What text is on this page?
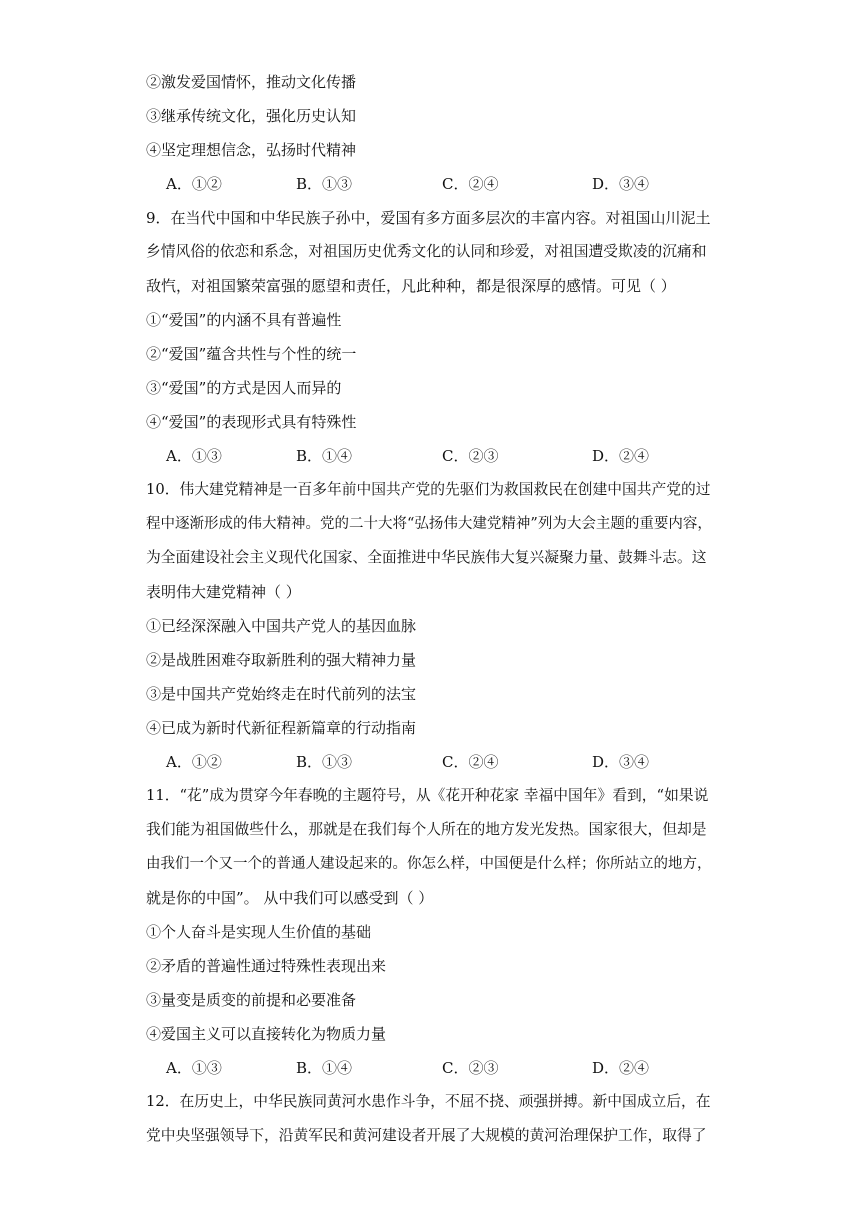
②激发爱国情怀，推动文化传播
③继承传统文化，强化历史认知
④坚定理想信念，弘扬时代精神
A．①②	B．①③	C．②④	D．③④
9．在当代中国和中华民族子孙中，爱国有多方面多层次的丰富内容。对祖国山川泥土
乡情风俗的依恋和系念，对祖国历史优秀文化的认同和珍爱，对祖国遭受欺凌的沉痛和
敌忾，对祖国繁荣富强的愿望和责任，凡此种种，都是很深厚的感情。可见（ ）
①“爱国”的内涵不具有普遍性
②“爱国”蕴含共性与个性的统一
③“爱国”的方式是因人而异的
④“爱国”的表现形式具有特殊性
A．①③	B．①④	C．②③	D．②④
10．伟大建党精神是一百多年前中国共产党的先驱们为救国救民在创建中国共产党的过
程中逐渐形成的伟大精神。党的二十大将“弘扬伟大建党精神”列为大会主题的重要内容，
为全面建设社会主义现代化国家、全面推进中华民族伟大复兴凝聚力量、鼓舞斗志。这
表明伟大建党精神（ ）
①已经深深融入中国共产党人的基因血脉
②是战胜困难夺取新胜利的强大精神力量
③是中国共产党始终走在时代前列的法宝
④已成为新时代新征程新篇章的行动指南
A．①②	B．①③	C．②④	D．③④
11．“花”成为贯穿今年春晚的主题符号，从《花开种花家 幸福中国年》看到，“如果说
我们能为祖国做些什么，那就是在我们每个人所在的地方发光发热。国家很大，但却是
由我们一个又一个的普通人建设起来的。你怎么样，中国便是什么样；你所站立的地方，
就是你的中国”。 从中我们可以感受到（ ）
①个人奋斗是实现人生价值的基础
②矛盾的普遍性通过特殊性表现出来
③量变是质变的前提和必要准备
④爱国主义可以直接转化为物质力量
A．①③	B．①④	C．②③	D．②④
12．在历史上，中华民族同黄河水患作斗争，不屈不挠、顽强拼搏。新中国成立后，在
党中央坚强领导下，沿黄军民和黄河建设者开展了大规模的黄河治理保护工作，取得了
